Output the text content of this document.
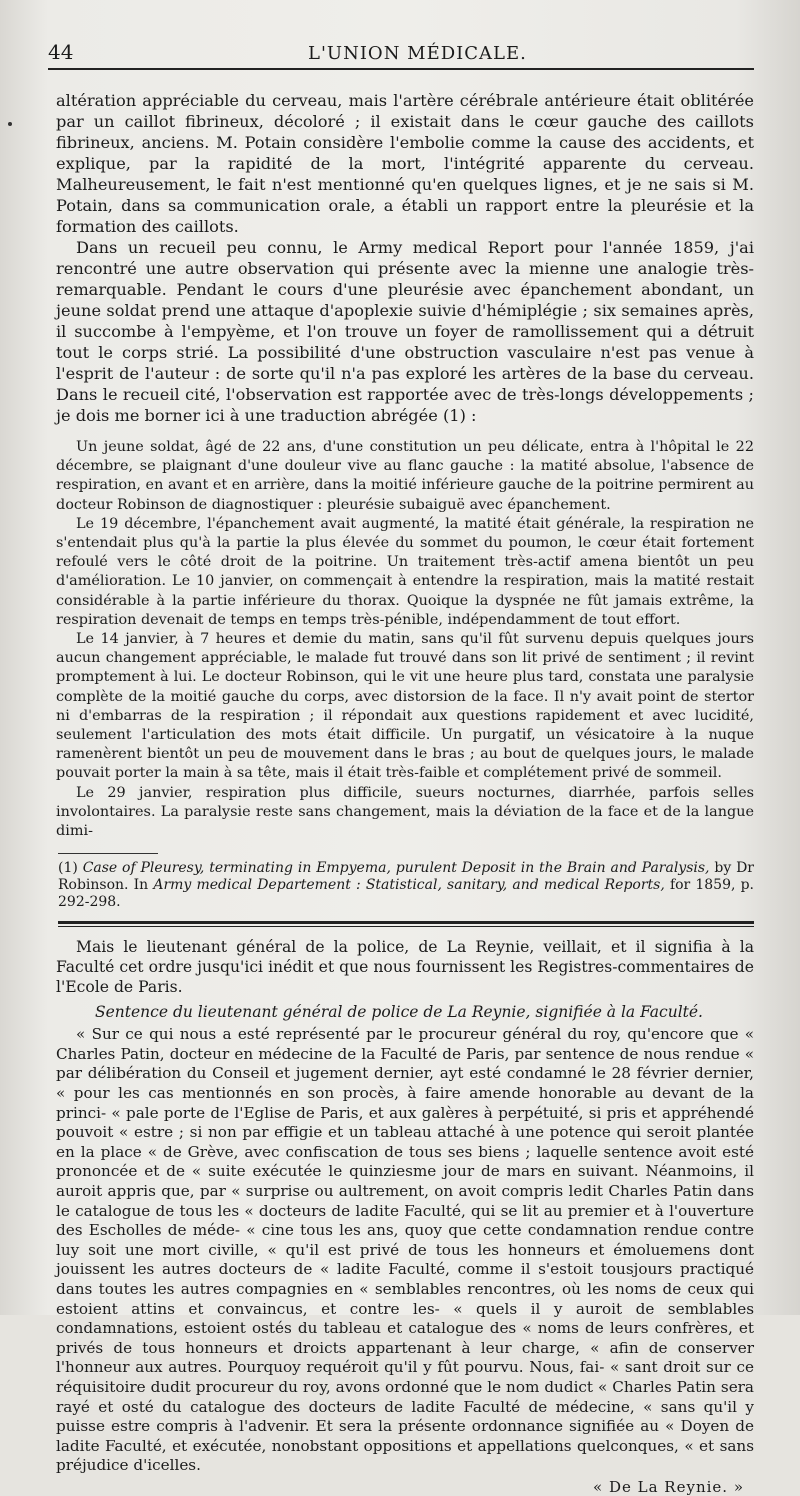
44	L'UNION MÉDICALE.

altération appréciable du cerveau, mais l'artère cérébrale antérieure était oblitérée par un caillot fibrineux, décoloré ; il existait dans le cœur gauche des caillots fibrineux, anciens. M. Potain considère l'embolie comme la cause des accidents, et explique, par la rapidité de la mort, l'intégrité apparente du cerveau. Malheureusement, le fait n'est mentionné qu'en quelques lignes, et je ne sais si M. Potain, dans sa communication orale, a établi un rapport entre la pleurésie et la formation des caillots.

Dans un recueil peu connu, le Army medical Report pour l'année 1859, j'ai rencontré une autre observation qui présente avec la mienne une analogie très-remarquable. Pendant le cours d'une pleurésie avec épanchement abondant, un jeune soldat prend une attaque d'apoplexie suivie d'hémiplégie ; six semaines après, il succombe à l'empyème, et l'on trouve un foyer de ramollissement qui a détruit tout le corps strié. La possibilité d'une obstruction vasculaire n'est pas venue à l'esprit de l'auteur : de sorte qu'il n'a pas exploré les artères de la base du cerveau. Dans le recueil cité, l'observation est rapportée avec de très-longs développements ; je dois me borner ici à une traduction abrégée (1) :

Un jeune soldat, âgé de 22 ans, d'une constitution un peu délicate, entra à l'hôpital le 22 décembre, se plaignant d'une douleur vive au flanc gauche : la matité absolue, l'absence de respiration, en avant et en arrière, dans la moitié inférieure gauche de la poitrine permirent au docteur Robinson de diagnostiquer : pleurésie subaiguë avec épanchement.

Le 19 décembre, l'épanchement avait augmenté, la matité était générale, la respiration ne s'entendait plus qu'à la partie la plus élevée du sommet du poumon, le cœur était fortement refoulé vers le côté droit de la poitrine. Un traitement très-actif amena bientôt un peu d'amélioration. Le 10 janvier, on commençait à entendre la respiration, mais la matité restait considérable à la partie inférieure du thorax. Quoique la dyspnée ne fût jamais extrême, la respiration devenait de temps en temps très-pénible, indépendamment de tout effort.

Le 14 janvier, à 7 heures et demie du matin, sans qu'il fût survenu depuis quelques jours aucun changement appréciable, le malade fut trouvé dans son lit privé de sentiment ; il revint promptement à lui. Le docteur Robinson, qui le vit une heure plus tard, constata une paralysie complète de la moitié gauche du corps, avec distorsion de la face. Il n'y avait point de stertor ni d'embarras de la respiration ; il répondait aux questions rapidement et avec lucidité, seulement l'articulation des mots était difficile. Un purgatif, un vésicatoire à la nuque ramenèrent bientôt un peu de mouvement dans le bras ; au bout de quelques jours, le malade pouvait porter la main à sa tête, mais il était très-faible et complétement privé de sommeil.

Le 29 janvier, respiration plus difficile, sueurs nocturnes, diarrhée, parfois selles involontaires. La paralysie reste sans changement, mais la déviation de la face et de la langue dimi-

(1) Case of Pleuresy, terminating in Empyema, purulent Deposit in the Brain and Paralysis, by Dr Robinson. In Army medical Departement : Statistical, sanitary, and medical Reports, for 1859, p. 292-298.

Mais le lieutenant général de la police, de La Reynie, veillait, et il signifia à la Faculté cet ordre jusqu'ici inédit et que nous fournissent les Registres-commentaires de l'Ecole de Paris.

Sentence du lieutenant général de police de La Reynie, signifiée à la Faculté.

« Sur ce qui nous a esté représenté par le procureur général du roy, qu'encore que « Charles Patin, docteur en médecine de la Faculté de Paris, par sentence de nous rendue « par délibération du Conseil et jugement dernier, ayt esté condamné le 28 février dernier, « pour les cas mentionnés en son procès, à faire amende honorable au devant de la princi- « pale porte de l'Eglise de Paris, et aux galères à perpétuité, si pris et appréhendé pouvoit « estre ; si non par effigie et un tableau attaché à une potence qui seroit plantée en la place « de Grève, avec confiscation de tous ses biens ; laquelle sentence avoit esté prononcée et de « suite exécutée le quinziesme jour de mars en suivant. Néanmoins, il auroit appris que, par « surprise ou aultrement, on avoit compris ledit Charles Patin dans le catalogue de tous les « docteurs de ladite Faculté, qui se lit au premier et à l'ouverture des Escholles de méde- « cine tous les ans, quoy que cette condamnation rendue contre luy soit une mort civille, « qu'il est privé de tous les honneurs et émoluemens dont jouissent les autres docteurs de « ladite Faculté, comme il s'estoit tousjours practiqué dans toutes les autres compagnies en « semblables rencontres, où les noms de ceux qui estoient attins et convaincus, et contre les- « quels il y auroit de semblables condamnations, estoient ostés du tableau et catalogue des « noms de leurs confrères, et privés de tous honneurs et droicts appartenant à leur charge, « afin de conserver l'honneur aux autres. Pourquoy requéroit qu'il y fût pourvu. Nous, fai- « sant droit sur ce réquisitoire dudit procureur du roy, avons ordonné que le nom dudict « Charles Patin sera rayé et osté du catalogue des docteurs de ladite Faculté de médecine, « sans qu'il y puisse estre compris à l'advenir. Et sera la présente ordonnance signifiée au « Doyen de ladite Faculté, et exécutée, nonobstant oppositions et appellations quelconques, « et sans préjudice d'icelles.

« De La Reynie. »
